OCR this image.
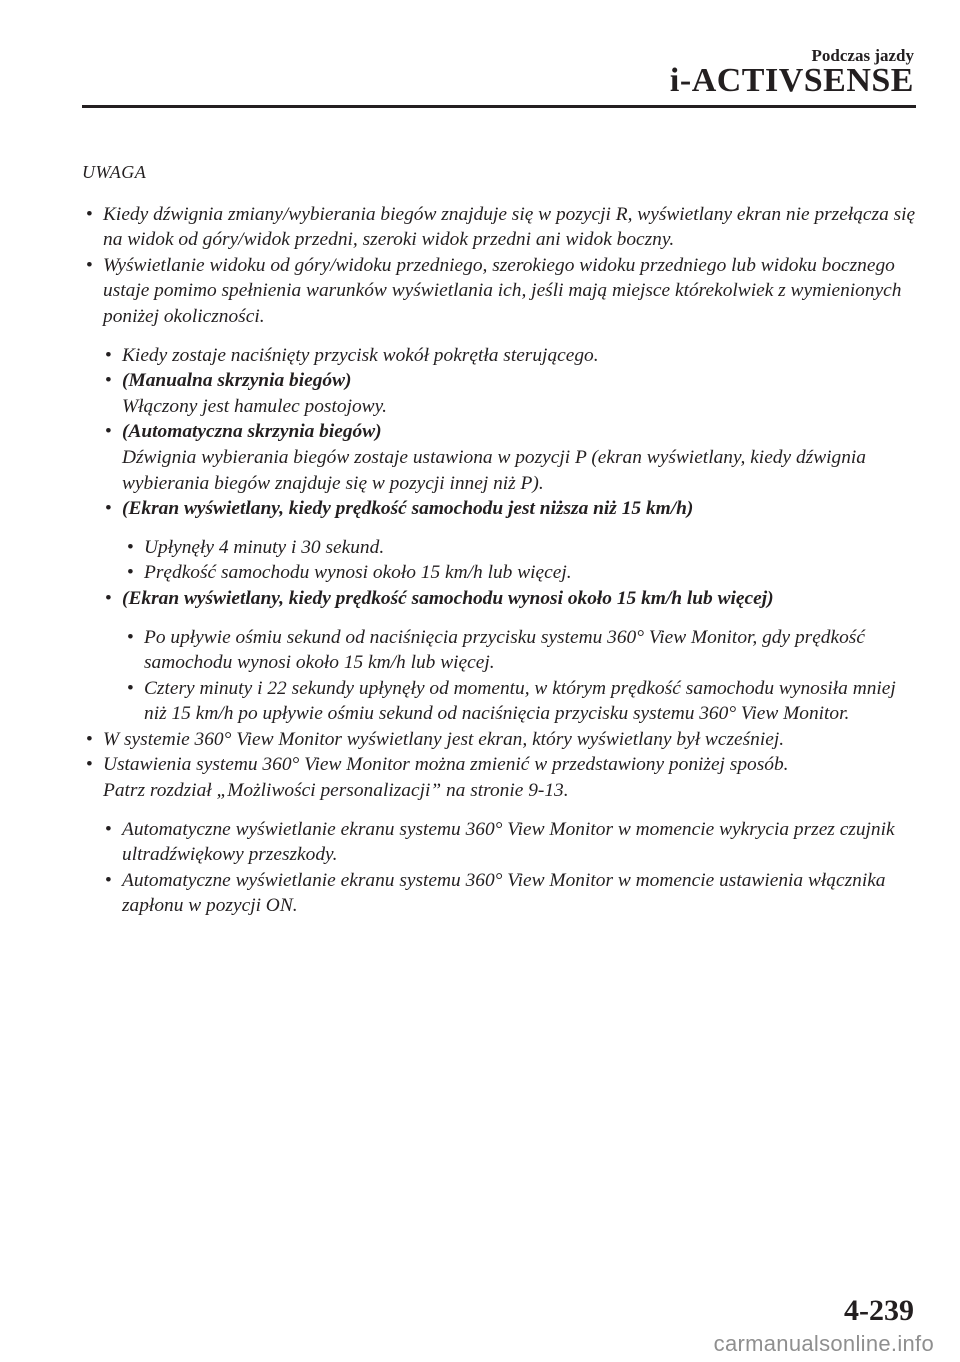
Podczas jazdy
i-ACTIVSENSE
UWAGA
• Kiedy dźwignia zmiany/wybierania biegów znajduje się w pozycji R, wyświetlany ekran nie przełącza się na widok od góry/widok przedni, szeroki widok przedni ani widok boczny.
• Wyświetlanie widoku od góry/widoku przedniego, szerokiego widoku przedniego lub widoku bocznego ustaje pomimo spełnienia warunków wyświetlania ich, jeśli mają miejsce którekolwiek z wymienionych poniżej okoliczności.
• Kiedy zostaje naciśnięty przycisk wokół pokrętła sterującego.
• (Manualna skrzynia biegów)
Włączony jest hamulec postojowy.
• (Automatyczna skrzynia biegów)
Dźwignia wybierania biegów zostaje ustawiona w pozycji P (ekran wyświetlany, kiedy dźwignia wybierania biegów znajduje się w pozycji innej niż P).
• (Ekran wyświetlany, kiedy prędkość samochodu jest niższa niż 15 km/h)
• Upłynęły 4 minuty i 30 sekund.
• Prędkość samochodu wynosi około 15 km/h lub więcej.
• (Ekran wyświetlany, kiedy prędkość samochodu wynosi około 15 km/h lub więcej)
• Po upływie ośmiu sekund od naciśnięcia przycisku systemu 360° View Monitor, gdy prędkość samochodu wynosi około 15 km/h lub więcej.
• Cztery minuty i 22 sekundy upłynęły od momentu, w którym prędkość samochodu wynosiła mniej niż 15 km/h po upływie ośmiu sekund od naciśnięcia przycisku systemu 360° View Monitor.
• W systemie 360° View Monitor wyświetlany jest ekran, który wyświetlany był wcześniej.
• Ustawienia systemu 360° View Monitor można zmienić w przedstawiony poniżej sposób.
Patrz rozdział „Możliwości personalizacji” na stronie 9-13.
• Automatyczne wyświetlanie ekranu systemu 360° View Monitor w momencie wykrycia przez czujnik ultradźwiękowy przeszkody.
• Automatyczne wyświetlanie ekranu systemu 360° View Monitor w momencie ustawienia włącznika zapłonu w pozycji ON.
4-239
carmanualsonline.info
